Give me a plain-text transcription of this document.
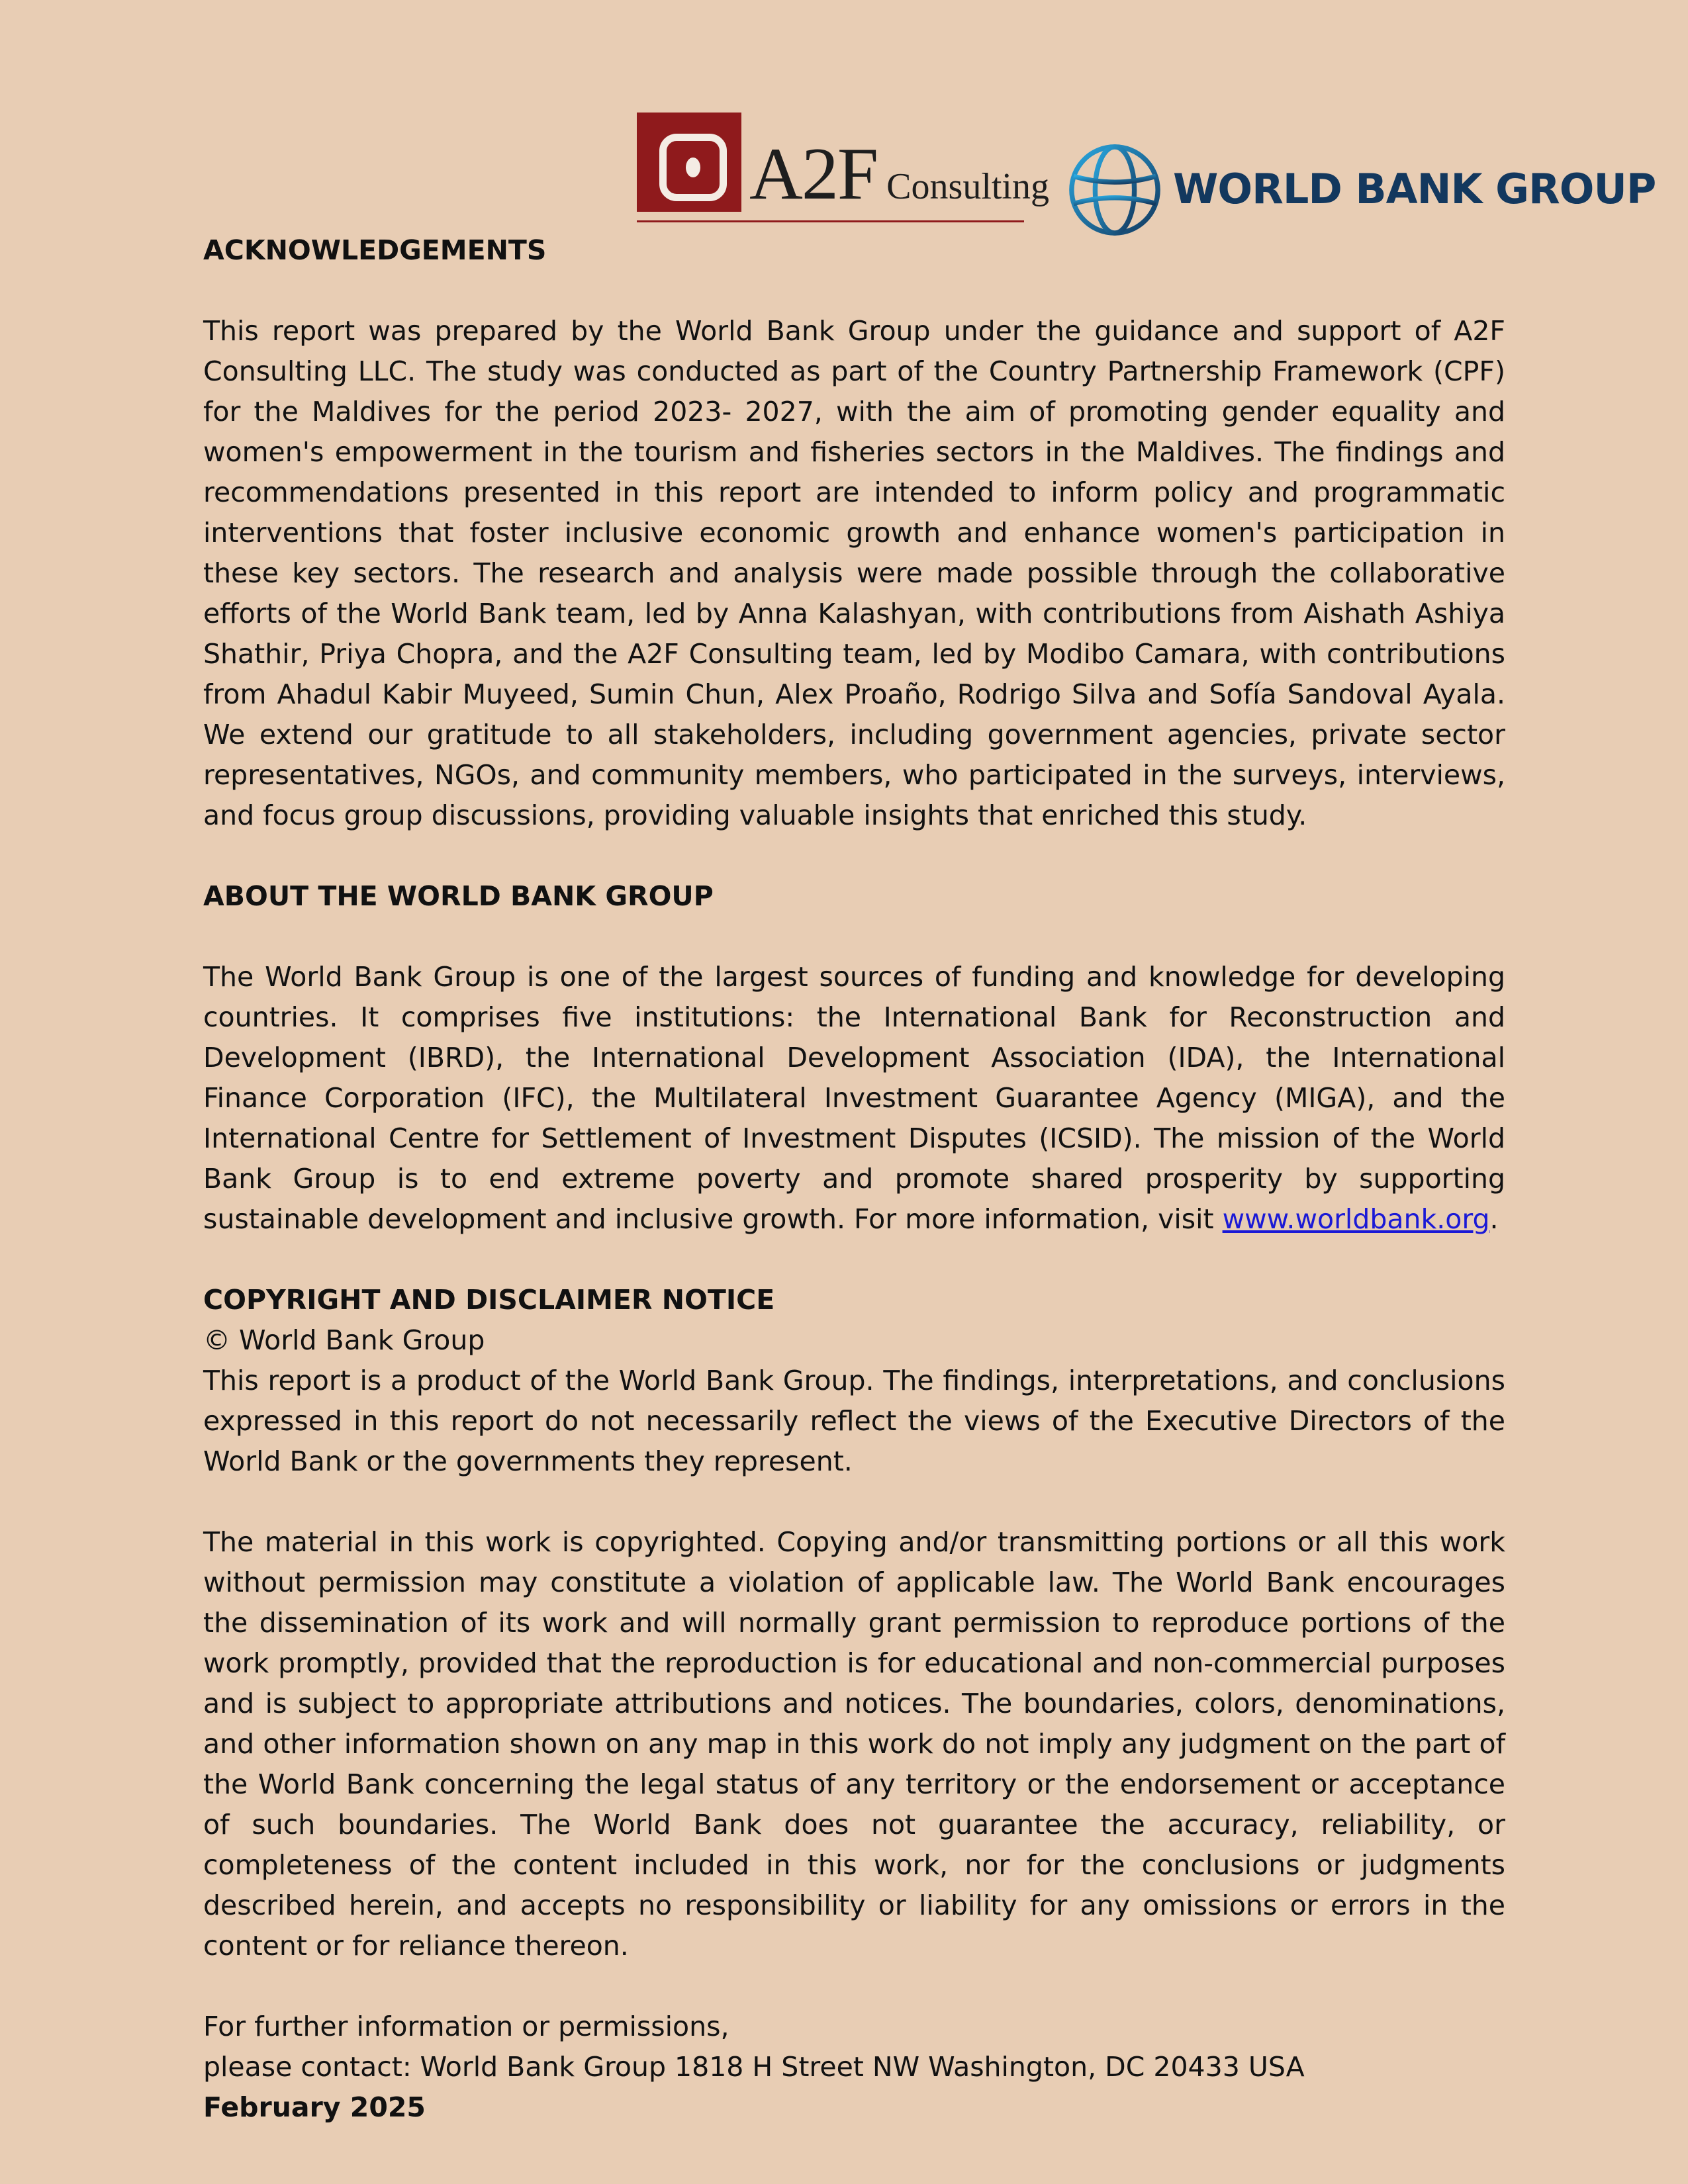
A2F Consulting	WORLD BANK GROUP
ACKNOWLEDGEMENTS

This report was prepared by the World Bank Group under the guidance and support of A2F Consulting LLC. The study was conducted as part of the Country Partnership Framework (CPF) for the Maldives for the period 2023- 2027, with the aim of promoting gender equality and women's empowerment in the tourism and fisheries sectors in the Maldives. The findings and recommendations presented in this report are intended to inform policy and programmatic interventions that foster inclusive economic growth and enhance women's participation in these key sectors. The research and analysis were made possible through the collaborative efforts of the World Bank team, led by Anna Kalashyan, with contributions from Aishath Ashiya Shathir, Priya Chopra, and the A2F Consulting team, led by Modibo Camara, with contributions from Ahadul Kabir Muyeed, Sumin Chun, Alex Proaño, Rodrigo Silva and Sofía Sandoval Ayala. We extend our gratitude to all stakeholders, including government agencies, private sector representatives, NGOs, and community members, who participated in the surveys, interviews, and focus group discussions, providing valuable insights that enriched this study.

ABOUT THE WORLD BANK GROUP

The World Bank Group is one of the largest sources of funding and knowledge for developing countries. It comprises five institutions: the International Bank for Reconstruction and Development (IBRD), the International Development Association (IDA), the International Finance Corporation (IFC), the Multilateral Investment Guarantee Agency (MIGA), and the International Centre for Settlement of Investment Disputes (ICSID). The mission of the World Bank Group is to end extreme poverty and promote shared prosperity by supporting sustainable development and inclusive growth. For more information, visit www.worldbank.org.

COPYRIGHT AND DISCLAIMER NOTICE

© World Bank Group

This report is a product of the World Bank Group. The findings, interpretations, and conclusions expressed in this report do not necessarily reflect the views of the Executive Directors of the World Bank or the governments they represent.

The material in this work is copyrighted. Copying and/or transmitting portions or all this work without permission may constitute a violation of applicable law. The World Bank encourages the dissemination of its work and will normally grant permission to reproduce portions of the work promptly, provided that the reproduction is for educational and non-commercial purposes and is subject to appropriate attributions and notices. The boundaries, colors, denominations, and other information shown on any map in this work do not imply any judgment on the part of the World Bank concerning the legal status of any territory or the endorsement or acceptance of such boundaries. The World Bank does not guarantee the accuracy, reliability, or completeness of the content included in this work, nor for the conclusions or judgments described herein, and accepts no responsibility or liability for any omissions or errors in the content or for reliance thereon.

For further information or permissions,

please contact: World Bank Group 1818 H Street NW Washington, DC 20433 USA

February 2025
